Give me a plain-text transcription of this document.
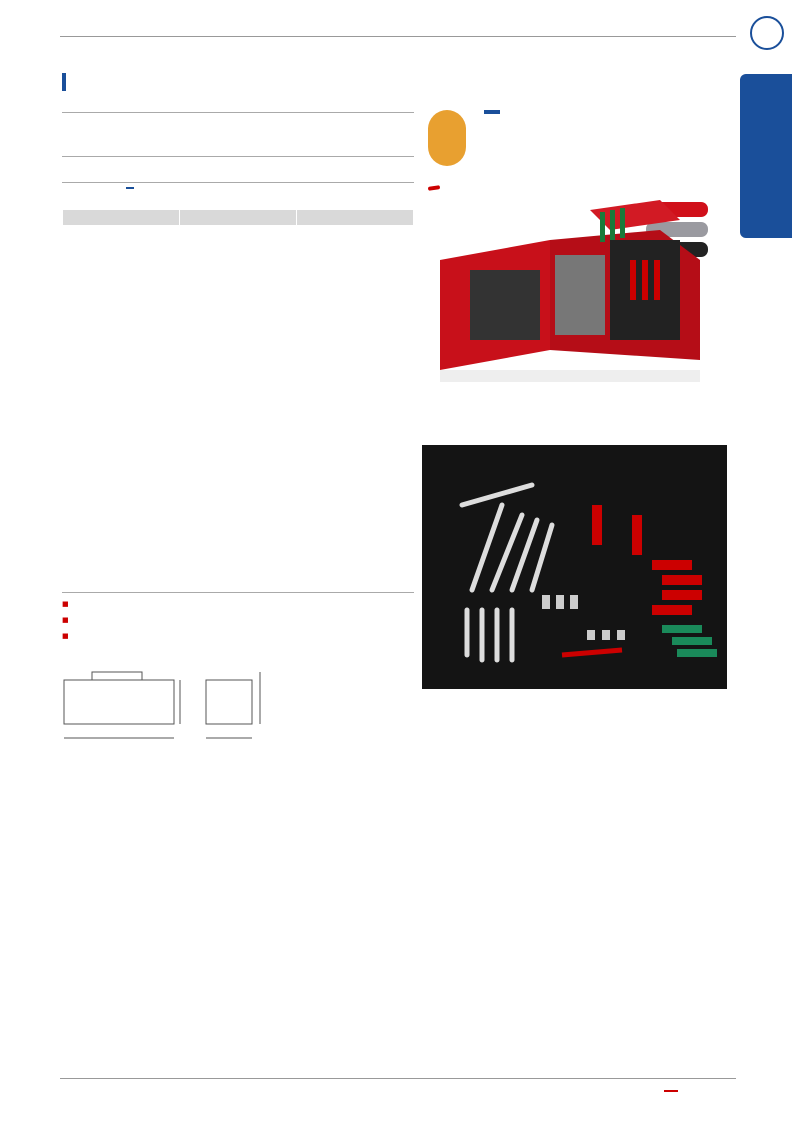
■
■
■
